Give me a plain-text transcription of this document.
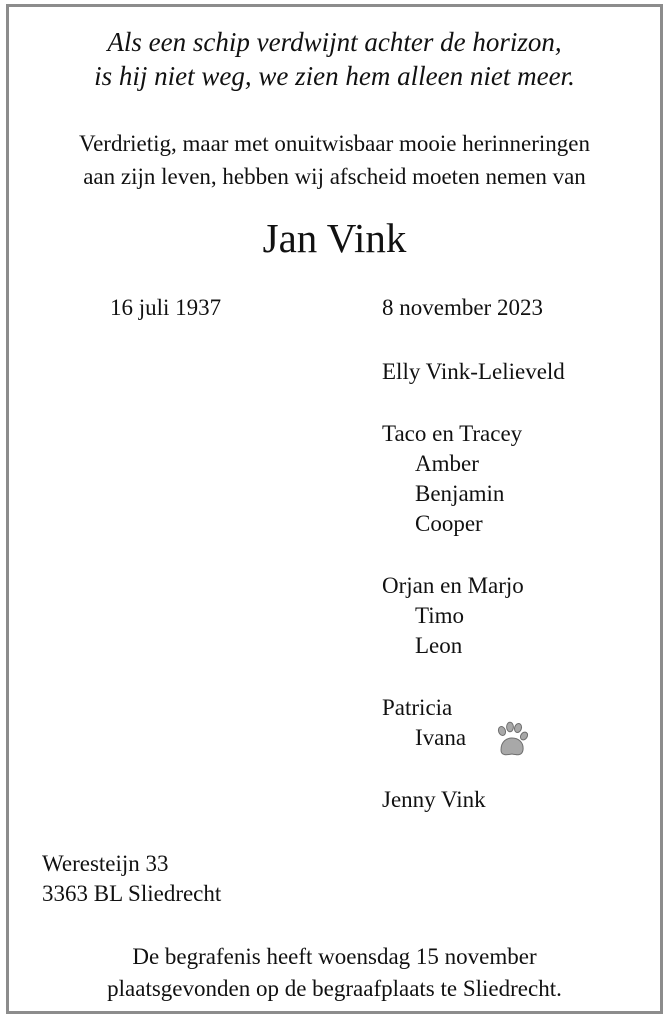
Als een schip verdwijnt achter de horizon,
is hij niet weg, we zien hem alleen niet meer.
Verdrietig, maar met onuitwisbaar mooie herinneringen
aan zijn leven, hebben wij afscheid moeten nemen van
Jan Vink
16 juli 1937	8 november 2023
Elly Vink-Lelieveld
Taco en Tracey
Amber
Benjamin
Cooper
Orjan en Marjo
Timo
Leon
Patricia
Ivana
Jenny Vink
Weresteijn 33
3363 BL Sliedrecht
De begrafenis heeft woensdag 15 november
plaatsgevonden op de begraafplaats te Sliedrecht.
